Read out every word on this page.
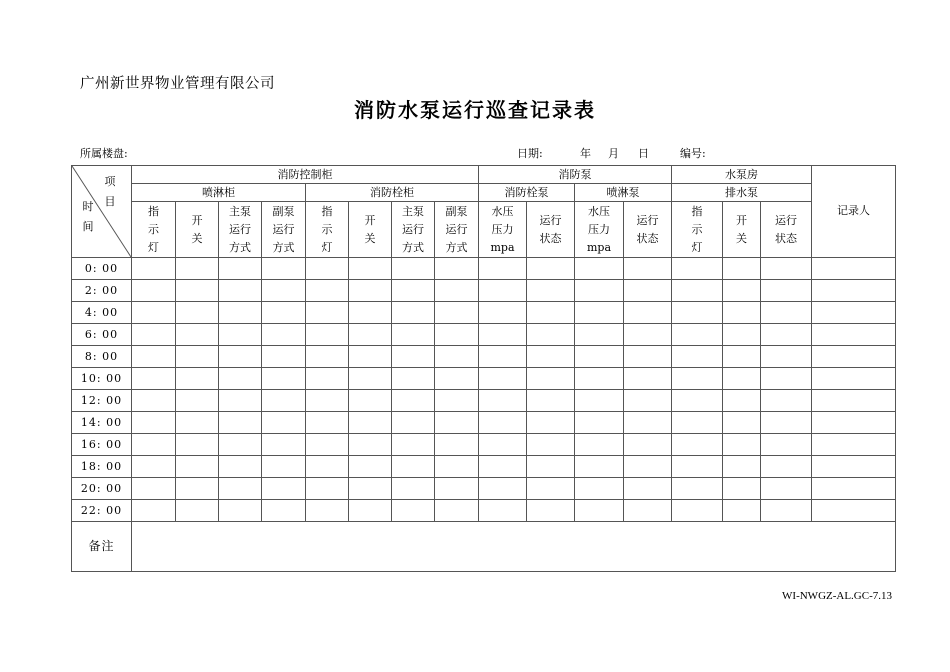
广州新世界物业管理有限公司
消防水泵运行巡查记录表
所属楼盘:	日期:	年 月 日	编号:
项目
时间	消防控制柜								消防泵				水泵房			记录人
	喷淋柜				消防栓柜				消防栓泵		喷淋泵		排水泵			
	指示灯	开关	主泵运行方式	副泵运行方式	指示灯	开关	主泵运行方式	副泵运行方式	水压压力mpa	运行状态	水压压力mpa	运行状态	指示灯	开关	运行状态	
0: 00																
2: 00																
4: 00																
6: 00																
8: 00																
10: 00																
12: 00																
14: 00																
16: 00																
18: 00																
20: 00																
22: 00																
备注																
WI-NWGZ-AL.GC-7.13
